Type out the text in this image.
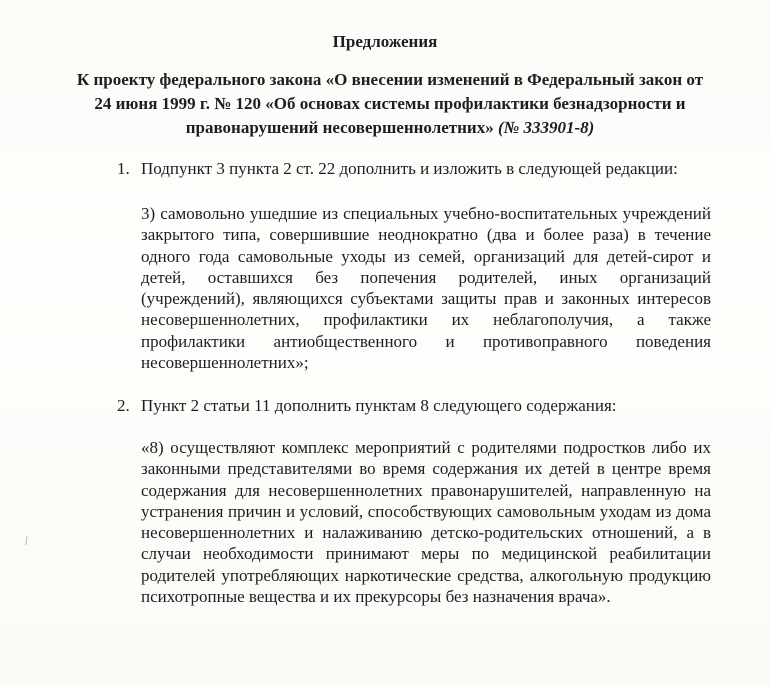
Предложения

К проекту федерального закона «О внесении изменений в Федеральный закон от 24 июня 1999 г. № 120 «Об основах системы профилактики безнадзорности и правонарушений несовершеннолетних» (№ 333901-8)

1. Подпункт 3 пункта 2 ст. 22 дополнить и изложить в следующей редакции:

3) самовольно ушедшие из специальных учебно-воспитательных учреждений закрытого типа, совершившие неоднократно (два и более раза) в течение одного года самовольные уходы из семей, организаций для детей-сирот и детей, оставшихся без попечения родителей, иных организаций (учреждений), являющихся субъектами защиты прав и законных интересов несовершеннолетних, профилактики их неблагополучия, а также профилактики антиобщественного и противоправного поведения несовершеннолетних»;

2. Пункт 2 статьи 11 дополнить пунктам 8 следующего содержания:

«8) осуществляют комплекс мероприятий с родителями подростков либо их законными представителями во время содержания их детей в центре время содержания для несовершеннолетних правонарушителей, направленную на устранения причин и условий, способствующих самовольным уходам из дома несовершеннолетних и налаживанию детско-родительских отношений, а в случаи необходимости принимают меры по медицинской реабилитации родителей употребляющих наркотические средства, алкогольную продукцию психотропные вещества и их прекурсоры без назначения врача».
